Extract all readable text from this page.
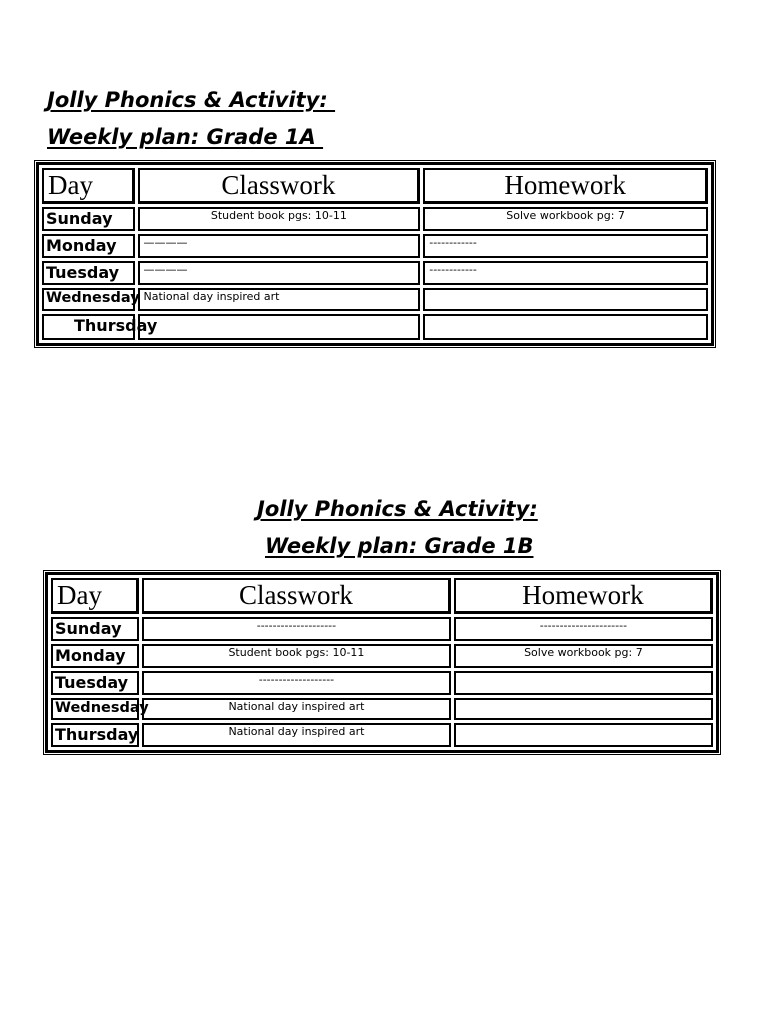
Jolly Phonics & Activity:
Weekly plan: Grade 1A
Day	Classwork	Homework
Sunday	Student book pgs: 10-11	Solve workbook pg: 7
Monday	————	------------
Tuesday	————	------------
Wednesday	National day inspired art	
Thursday		
Jolly Phonics & Activity:
Weekly plan: Grade 1B
Day	Classwork	Homework
Sunday	--------------------	----------------------
Monday	Student book pgs: 10-11	Solve workbook pg: 7
Tuesday	-------------------	
Wednesday	National day inspired art	
Thursday	National day inspired art	
